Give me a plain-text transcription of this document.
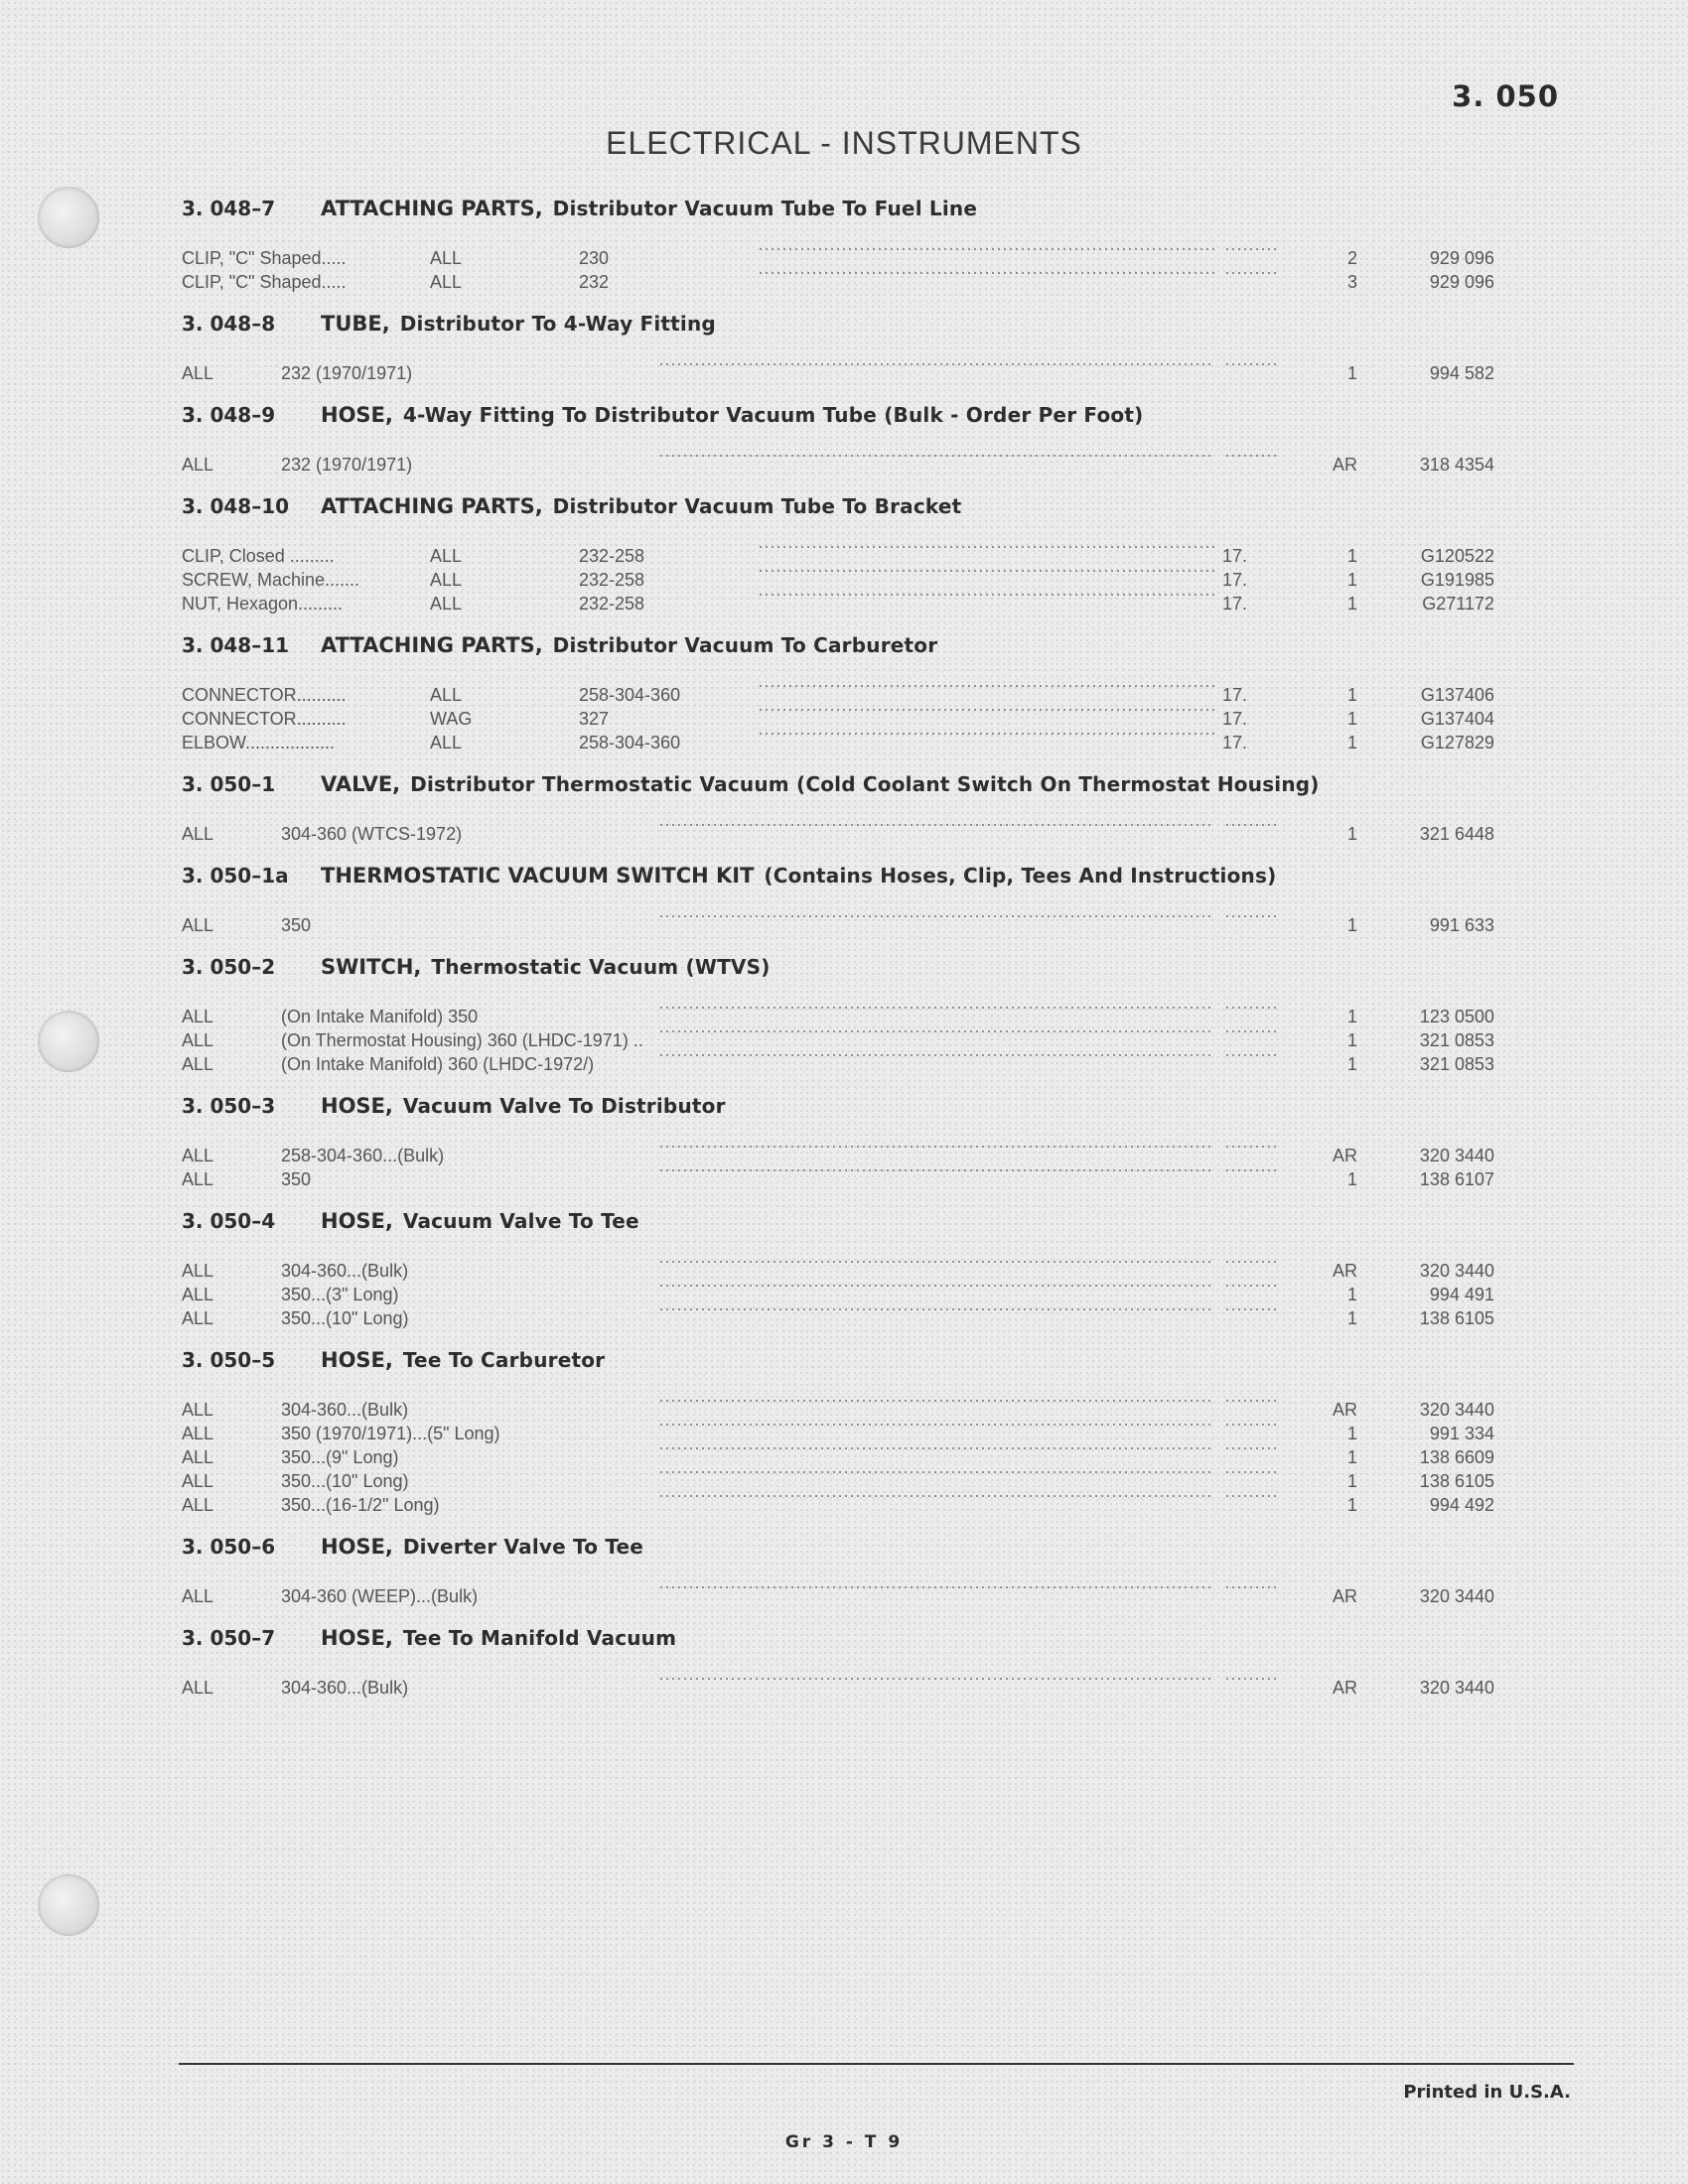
3. 050
ELECTRICAL - INSTRUMENTS
3. 048–7	ATTACHING PARTS, Distributor Vacuum Tube To Fuel Line
CLIP, "C" Shaped.....	ALL	230	2	929 096
CLIP, "C" Shaped.....	ALL	232	3	929 096
3. 048–8	TUBE, Distributor To 4-Way Fitting
ALL	232 (1970/1971)	1	994 582
3. 048–9	HOSE, 4-Way Fitting To Distributor Vacuum Tube (Bulk - Order Per Foot)
ALL	232 (1970/1971)	AR	318 4354
3. 048–10	ATTACHING PARTS, Distributor Vacuum Tube To Bracket
CLIP, Closed .........	ALL	232-258	17.	1	G120522
SCREW, Machine.......	ALL	232-258	17.	1	G191985
NUT, Hexagon.........	ALL	232-258	17.	1	G271172
3. 048–11	ATTACHING PARTS, Distributor Vacuum To Carburetor
CONNECTOR..........	ALL	258-304-360	17.	1	G137406
CONNECTOR..........	WAG	327	17.	1	G137404
ELBOW..................	ALL	258-304-360	17.	1	G127829
3. 050–1	VALVE, Distributor Thermostatic Vacuum (Cold Coolant Switch On Thermostat Housing)
ALL	304-360 (WTCS-1972)	1	321 6448
3. 050–1a	THERMOSTATIC VACUUM SWITCH KIT (Contains Hoses, Clip, Tees And Instructions)
ALL	350	1	991 633
3. 050–2	SWITCH, Thermostatic Vacuum (WTVS)
ALL	(On Intake Manifold) 350	1	123 0500
ALL	(On Thermostat Housing) 360 (LHDC-1971) ..	1	321 0853
ALL	(On Intake Manifold) 360 (LHDC-1972/)	1	321 0853
3. 050–3	HOSE, Vacuum Valve To Distributor
ALL	258-304-360...(Bulk)	AR	320 3440
ALL	350	1	138 6107
3. 050–4	HOSE, Vacuum Valve To Tee
ALL	304-360...(Bulk)	AR	320 3440
ALL	350...(3" Long)	1	994 491
ALL	350...(10" Long)	1	138 6105
3. 050–5	HOSE, Tee To Carburetor
ALL	304-360...(Bulk)	AR	320 3440
ALL	350 (1970/1971)...(5" Long)	1	991 334
ALL	350...(9" Long)	1	138 6609
ALL	350...(10" Long)	1	138 6105
ALL	350...(16-1/2" Long)	1	994 492
3. 050–6	HOSE, Diverter Valve To Tee
ALL	304-360 (WEEP)...(Bulk)	AR	320 3440
3. 050–7	HOSE, Tee To Manifold Vacuum
ALL	304-360...(Bulk)	AR	320 3440
Printed in U.S.A.
Gr 3 - T 9
